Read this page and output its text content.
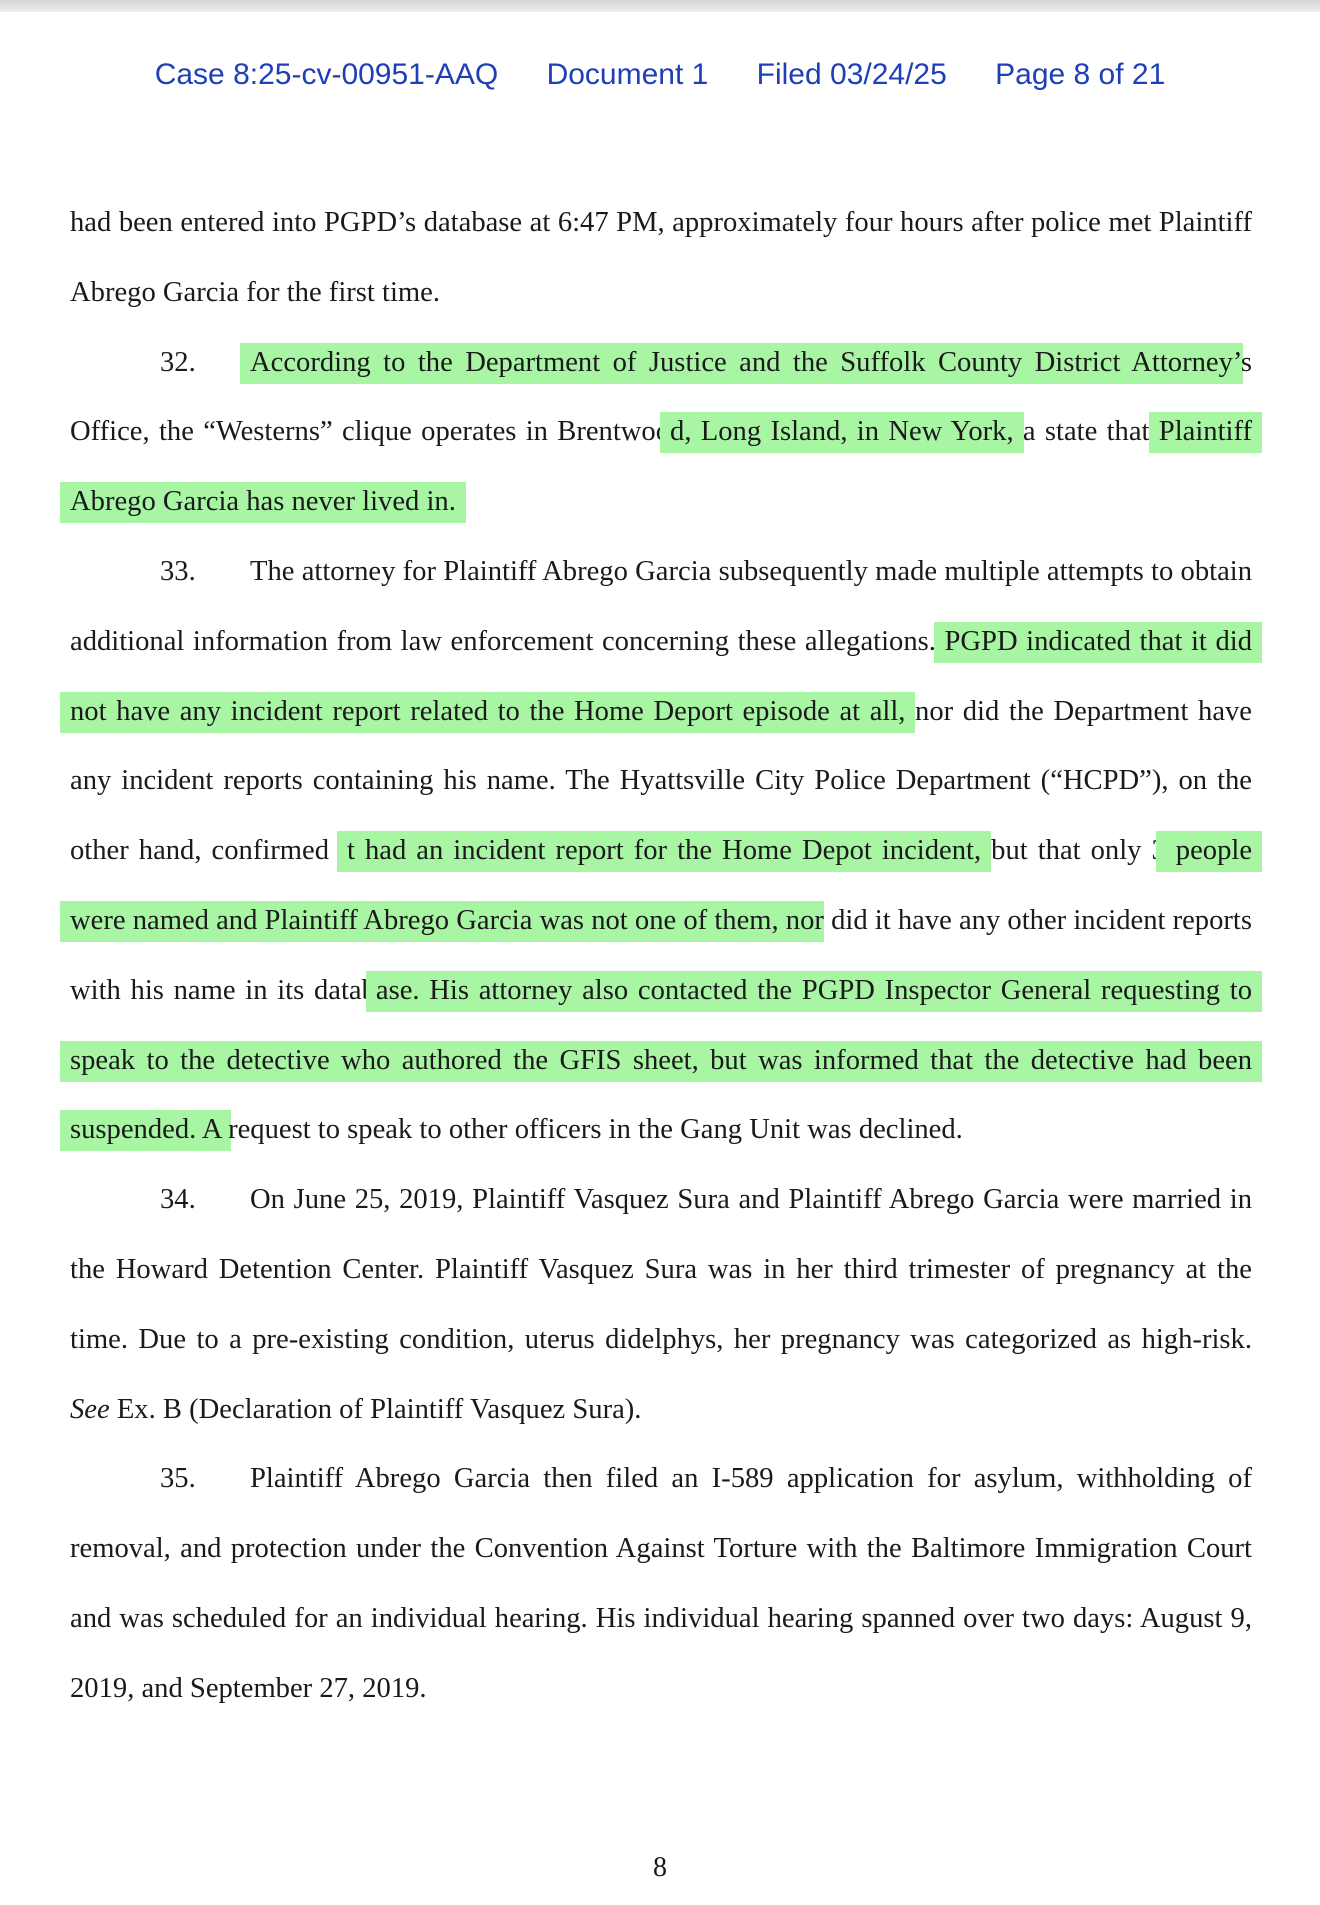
Case 8:25-cv-00951-AAQ Document 1 Filed 03/24/25 Page 8 of 21

had been entered into PGPD’s database at 6:47 PM, approximately four hours after police met Plaintiff Abrego Garcia for the first time.

32. According to the Department of Justice and the Suffolk County District Attorney’s Office, the “Westerns” clique operates in Brentwood, Long Island, in New York, a state that Plaintiff Abrego Garcia has never lived in.

33. The attorney for Plaintiff Abrego Garcia subsequently made multiple attempts to obtain additional information from law enforcement concerning these allegations. PGPD indicated that it did not have any incident report related to the Home Deport episode at all, nor did the Department have any incident reports containing his name. The Hyattsville City Police Department (“HCPD”), on the other hand, confirmed it had an incident report for the Home Depot incident, but that only 3 people were named and Plaintiff Abrego Garcia was not one of them, nor did it have any other incident reports with his name in its database. His attorney also contacted the PGPD Inspector General requesting to speak to the detective who authored the GFIS sheet, but was informed that the detective had been suspended. A request to speak to other officers in the Gang Unit was declined.

34. On June 25, 2019, Plaintiff Vasquez Sura and Plaintiff Abrego Garcia were married in the Howard Detention Center. Plaintiff Vasquez Sura was in her third trimester of pregnancy at the time. Due to a pre-existing condition, uterus didelphys, her pregnancy was categorized as high-risk. See Ex. B (Declaration of Plaintiff Vasquez Sura).

35. Plaintiff Abrego Garcia then filed an I-589 application for asylum, withholding of removal, and protection under the Convention Against Torture with the Baltimore Immigration Court and was scheduled for an individual hearing. His individual hearing spanned over two days: August 9, 2019, and September 27, 2019.

8
